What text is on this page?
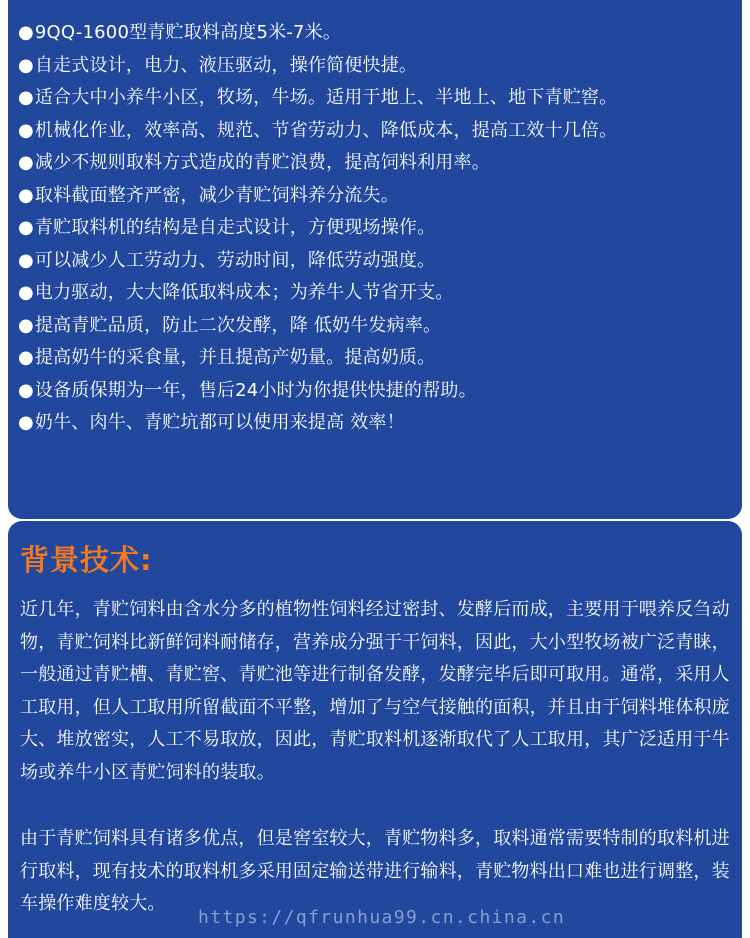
●9QQ-1600型青贮取料高度5米-7米。
●自走式设计，电力、液压驱动，操作简便快捷。
●适合大中小养牛小区，牧场，牛场。适用于地上、半地上、地下青贮窖。
●机械化作业，效率高、规范、节省劳动力、降低成本，提高工效十几倍。
●减少不规则取料方式造成的青贮浪费，提高饲料利用率。
●取料截面整齐严密，减少青贮饲料养分流失。
●青贮取料机的结构是自走式设计，方便现场操作。
●可以减少人工劳动力、劳动时间，降低劳动强度。
●电力驱动，大大降低取料成本；为养牛人节省开支。
●提高青贮品质，防止二次发酵，降 低奶牛发病率。
●提高奶牛的采食量，并且提高产奶量。提高奶质。
●设备质保期为一年，售后24小时为你提供快捷的帮助。
●奶牛、肉牛、青贮坑都可以使用来提高 效率！
背景技术:

近几年，青贮饲料由含水分多的植物性饲料经过密封、发酵后而成，主要用于喂养反刍动物，青贮饲料比新鲜饲料耐储存，营养成分强于干饲料，因此，大小型牧场被广泛青睐，一般通过青贮槽、青贮窖、青贮池等进行制备发酵，发酵完毕后即可取用。通常，采用人工取用，但人工取用所留截面不平整，增加了与空气接触的面积，并且由于饲料堆体积庞大、堆放密实，人工不易取放，因此，青贮取料机逐渐取代了人工取用，其广泛适用于牛场或养牛小区青贮饲料的装取。

由于青贮饲料具有诸多优点，但是窖室较大，青贮物料多，取料通常需要特制的取料机进行取料，现有技术的取料机多采用固定输送带进行输料，青贮物料出口难也进行调整，装车操作难度较大。

https://qfrunhua99.cn.china.cn
